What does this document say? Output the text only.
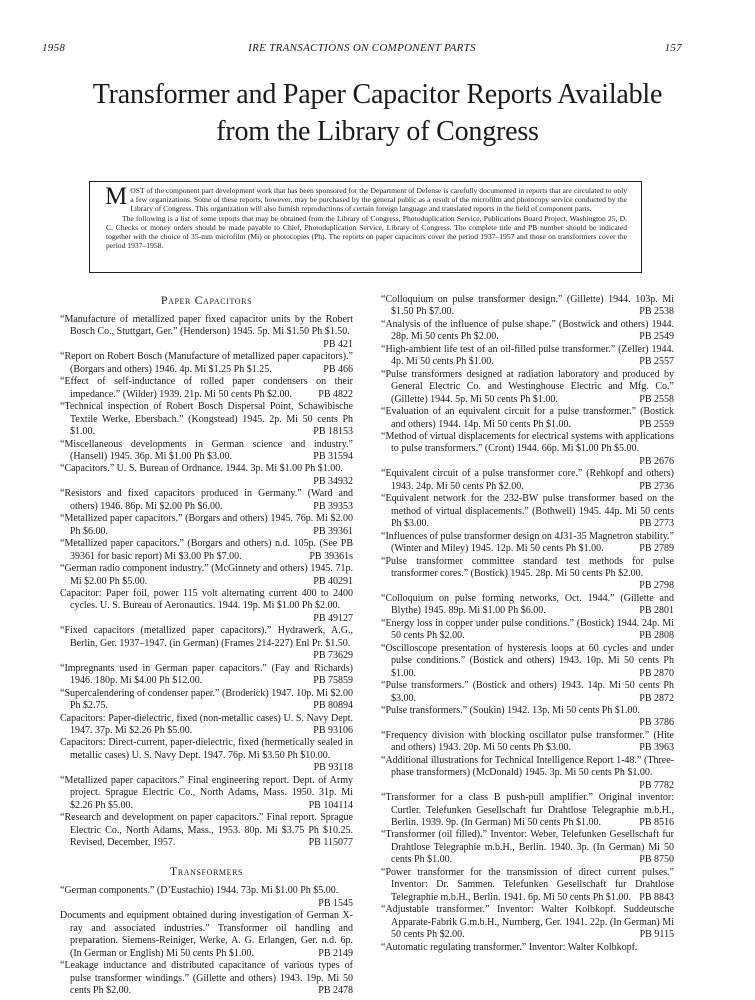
1958	IRE TRANSACTIONS ON COMPONENT PARTS	157
Transformer and Paper Capacitor Reports Available
from the Library of Congress

MOST of the component part development work that has been sponsored for the Department of Defense is carefully documented in reports that are circulated to only a few organizations. Some of these reports, however, may be purchased by the general public as a result of the microfilm and photocopy service conducted by the Library of Congress. This organization will also furnish reproductions of certain foreign language and translated reports in the field of component parts.

The following is a list of some reports that may be obtained from the Library of Congress, Photoduplication Service, Publications Board Project, Washington 25, D. C. Checks or money orders should be made payable to Chief, Photoduplication Service, Library of Congress. The complete title and PB number should be indicated together with the choice of 35-mm microfilm (Mi) or photocopies (Ph). The reports on paper capacitors cover the period 1937–1957 and those on transformers cover the period 1937–1958.

Paper Capacitors

“Manufacture of metallized paper fixed capacitor units by the Robert Bosch Co., Stuttgart, Ger.” (Henderson) 1945. 5p. Mi $1.50 Ph $1.50.
PB 421

“Report on Robert Bosch (Manufacture of metallized paper capacitors).” (Borgars and others) 1946. 4p. Mi $1.25 Ph $1.25.	PB 466

“Effect of self-inductance of rolled paper condensers on their impedance.” (Wilder) 1939. 21p. Mi 50 cents Ph $2.00.	PB 4822

“Technical inspection of Robert Bosch Dispersal Point, Schawibische Textile Werke, Ebersbach.” (Kongstead) 1945. 2p. Mi 50 cents Ph $1.00.	PB 18153

“Miscellaneous developments in German science and industry.” (Hansell) 1945. 36p. Mi $1.00 Ph $3.00.	PB 31594

“Capacitors.” U. S. Bureau of Ordnance. 1944. 3p. Mi $1.00 Ph $1.00.
PB 34932

“Resistors and fixed capacitors produced in Germany.” (Ward and others) 1946. 86p. Mi $2.00 Ph $6.00.	PB 39353

“Metallized paper capacitors.” (Borgars and others) 1945. 76p. Mi $2.00 Ph $6.00.	PB 39361

“Metallized paper capacitors.” (Borgars and others) n.d. 105p. (See PB 39361 for basic report) Mi $3.00 Ph $7.00.	PB 39361s

“German radio component industry.” (McGinnety and others) 1945. 71p. Mi $2.00 Ph $5.00.	PB 40291

Capacitor: Paper foil, power 115 volt alternating current 400 to 2400 cycles. U. S. Bureau of Aeronautics. 1944. 19p. Mi $1.00 Ph $2.00.
PB 49127

“Fixed capacitors (metallized paper capacitors).” Hydrawerk, A.G., Berlin, Ger. 1937–1947. (in German) (Frames 214-227) Enl Pr. $1.50.
PB 73629

“Impregnants used in German paper capacitors.” (Fay and Richards) 1946. 180p. Mi $4.00 Ph $12.00.	PB 75859

“Supercalendering of condenser paper.” (Broderick) 1947. 10p. Mi $2.00 Ph $2.75.	PB 80894

Capacitors: Paper-dielectric, fixed (non-metallic cases) U. S. Navy Dept. 1947. 37p. Mi $2.26 Ph $5.00.	PB 93106

Capacitors: Direct-current, paper-dielectric, fixed (hermetically sealed in metallic cases) U. S. Navy Dept. 1947. 76p. Mi $3.50 Ph $10.00.
PB 93118

“Metallized paper capacitors.” Final engineering report. Dept. of Army project. Sprague Electric Co., North Adams, Mass. 1950. 31p. Mi $2.26 Ph $5.00.	PB 104114

“Research and development on paper capacitors.” Final report. Sprague Electric Co., North Adams, Mass., 1953. 80p. Mi $3.75 Ph $10.25. Revised, December, 1957.	PB 115077

Transformers

“German components.” (D’Eustachio) 1944. 73p. Mi $1.00 Ph $5.00.
PB 1545

Documents and equipment obtained during investigation of German X-ray and associated industries.” Transformer oil handling and preparation. Siemens-Reiniger, Werke, A. G. Erlangen, Ger. n.d. 6p. (In German or English) Mi 50 cents Ph $1.00.	PB 2149

“Leakage inductance and distributed capacitance of various types of pulse transformer windings.” (Gillette and others) 1943. 19p. Mi 50 cents Ph $2.00.	PB 2478

“Colloquium on pulse transformer design.” (Gillette) 1944. 103p. Mi $1.50 Ph $7.00.	PB 2538

“Analysis of the influence of pulse shape.” (Bostwick and others) 1944. 28p. Mi 50 cents Ph $2.00.	PB 2549

“High-ambient life test of an oil-filled pulse transformer.” (Zeller) 1944. 4p. Mi 50 cents Ph $1.00.	PB 2557

“Pulse transformers designed at radiation laboratory and produced by General Electric Co. and Westinghouse Electric and Mfg. Co.” (Gillette) 1944. 5p. Mi 50 cents Ph $1.00.	PB 2558

“Evaluation of an equivalent circuit for a pulse transformer.” (Bostick and others) 1944. 14p. Mi 50 cents Ph $1.00.	PB 2559

“Method of virtual displacements for electrical systems with applications to pulse transformers.” (Cront) 1944. 66p. Mi $1.00 Ph $5.00.
PB 2676

“Equivalent circuit of a pulse transformer core.” (Rehkopf and others) 1943. 24p. Mi 50 cents Ph $2.00.	PB 2736

“Equivalent network for the 232-BW pulse transformer based on the method of virtual displacements.” (Bothwell) 1945. 44p. Mi 50 cents Ph $3.00.	PB 2773

“Influences of pulse transformer design on 4J31-35 Magnetron stability.” (Winter and Miley) 1945. 12p. Mi 50 cents Ph $1.00.	PB 2789

“Pulse transformer committee standard test methods for pulse transformer cores.” (Bostick) 1945. 28p. Mi 50 cents Ph $2.00.
PB 2798

“Colloquium on pulse forming networks, Oct. 1944.” (Gillette and Blythe) 1945. 89p. Mi $1.00 Ph $6.00.	PB 2801

“Energy loss in copper under pulse conditions.” (Bostick) 1944. 24p. Mi 50 cents Ph $2.00.	PB 2808

“Oscilloscope presentation of hysteresis loops at 60 cycles and under pulse conditions.” (Bostick and others) 1943. 10p. Mi 50 cents Ph $1.00.	PB 2870

“Pulse transformers.” (Bostick and others) 1943. 14p. Mi 50 cents Ph $3.00.	PB 2872

“Pulse transformers.” (Soukin) 1942. 13p. Mi 50 cents Ph $1.00.
PB 3786

“Frequency division with blocking oscillator pulse transformer.” (Hite and others) 1943. 20p. Mi 50 cents Ph $3.00.	PB 3963

“Additional illustrations for Technical Intelligence Report 1-48.” (Three-phase transformers) (McDonald) 1945. 3p. Mi 50 cents Ph $1.00.
PB 7782

“Transformer for a class B push-pull amplifier.” Original inventor: Curtler. Telefunken Gesellschaft fur Drahtlose Telegraphie m.b.H., Berlin. 1939. 9p. (In German) Mi 50 cents Ph $1.00.	PB 8516

“Transformer (oil filled).” Inventor: Weber, Telefunken Gesellschaft fur Drahtlose Telegraphie m.b.H., Berlin. 1940. 3p. (In German) Mi 50 cents Ph $1.00.	PB 8750

“Power transformer for the transmission of direct current pulses.” Inventor: Dr. Sammen. Telefunken Gesellschaft fur Drahtlose Telegraphie m.b.H., Berlin. 1941. 6p. Mi 50 cents Ph $1.00. PB 8843

“Adjustable transformer.” Inventor: Walter Kolbkopf. Suddeutsche Apparate-Fabrik G.m.b.H., Nurnberg, Ger. 1941. 22p. (In German) Mi 50 cents Ph $2.00.	PB 9115

“Automatic regulating transformer.” Inventor: Walter Kolbkopf.
